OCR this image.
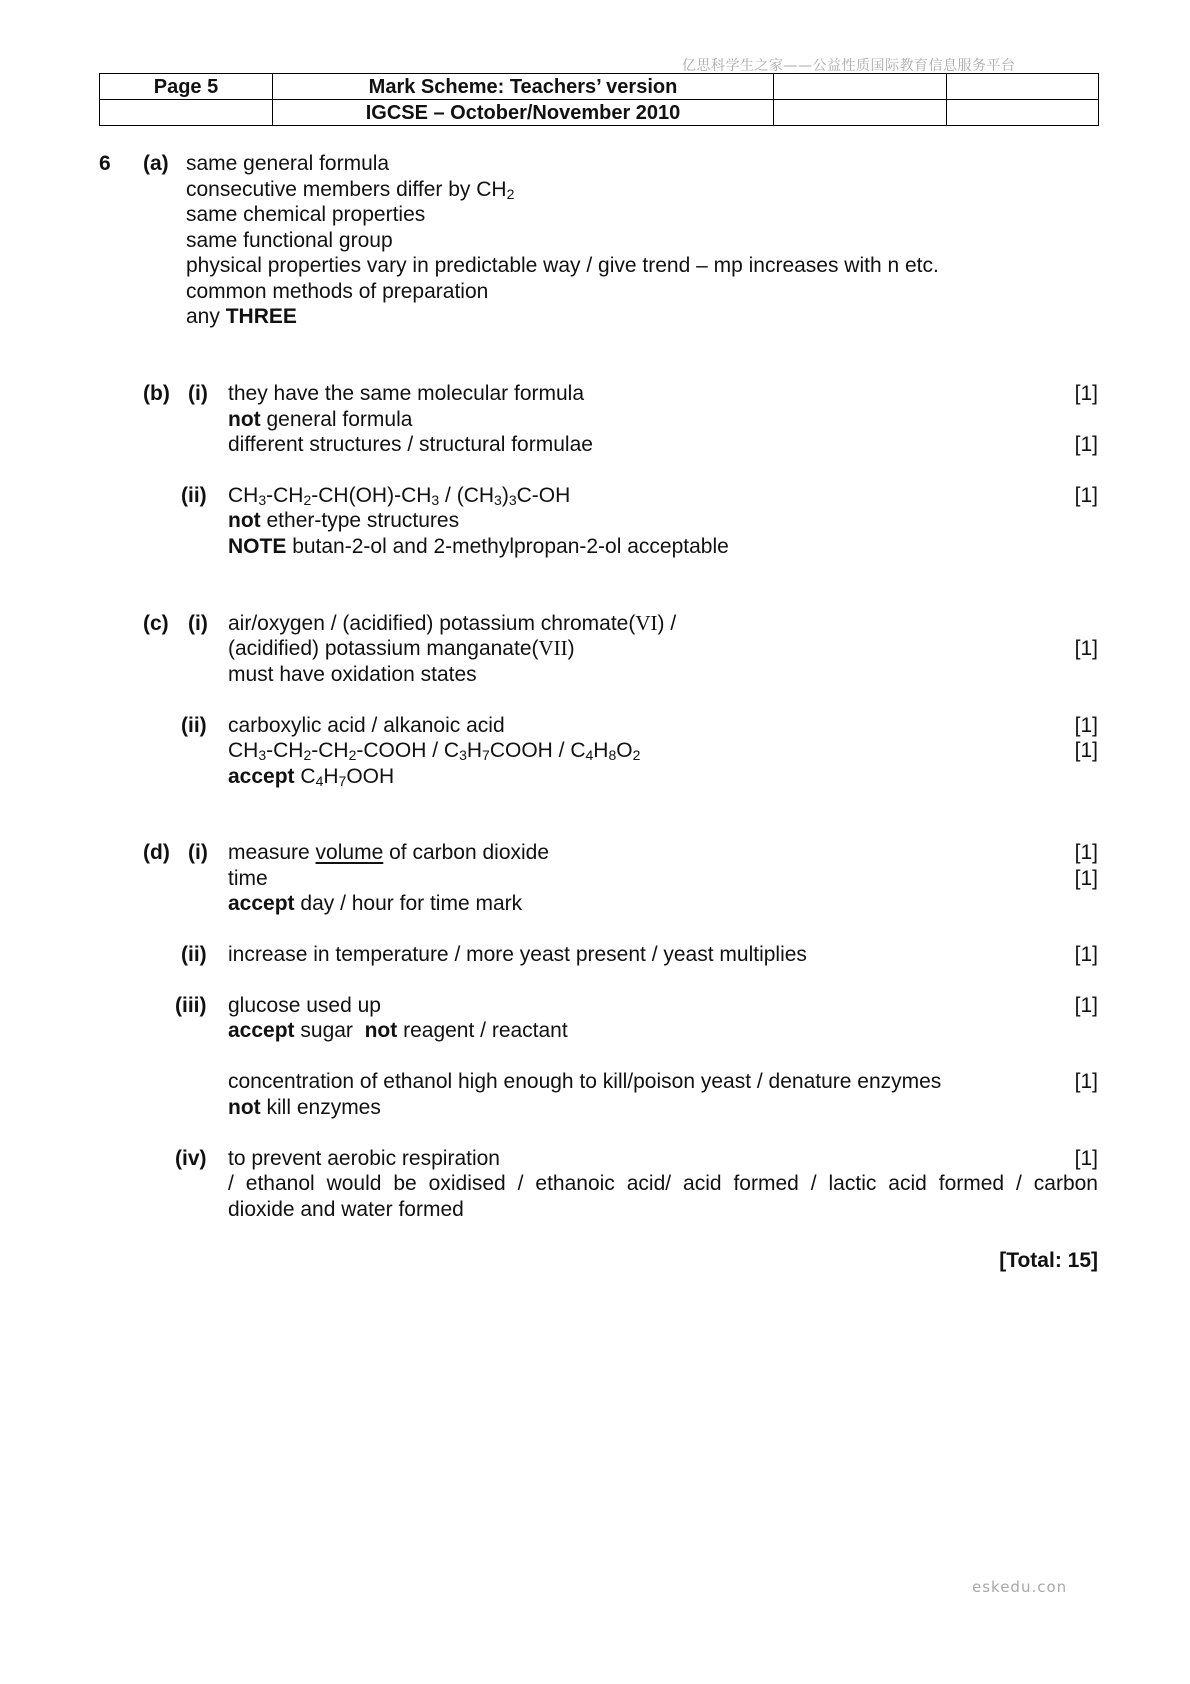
亿思科学生之家——公益性质国际教育信息服务平台
Page 5	Mark Scheme: Teachers’ version		
	IGCSE – October/November 2010		
6 (a) same general formula
consecutive members differ by $CH_2$
same chemical properties
same functional group
physical properties vary in predictable way / give trend – mp increases with n etc.
common methods of preparation
any THREE
(b) (i) they have the same molecular formula	[1]
not general formula
different structures / structural formulae	[1]
(ii) $CH_3-CH_2-CH(OH)-CH_3 / (CH_3)_3C-OH$	[1]
not ether-type structures
NOTE butan-2-ol and 2-methylpropan-2-ol acceptable
(c) (i) air/oxygen / (acidified) potassium chromate(VI) /
(acidified) potassium manganate(VII)	[1]
must have oxidation states
(ii) carboxylic acid / alkanoic acid	[1]
$CH_3-CH_2-CH_2$-COOH / $C_3H_7COOH / C_4H_8O_2$	[1]
accept $C_4H_7OOH$
(d) (i) measure volume of carbon dioxide	[1]
time	[1]
accept day / hour for time mark
(ii) increase in temperature / more yeast present / yeast multiplies	[1]
(iii) glucose used up	[1]
accept sugar not reagent / reactant
concentration of ethanol high enough to kill/poison yeast / denature enzymes	[1]
not kill enzymes
(iv) to prevent aerobic respiration	[1]
/ ethanol would be oxidised / ethanoic acid/ acid formed / lactic acid formed / carbon
dioxide and water formed
[Total: 15]
eskedu.con
